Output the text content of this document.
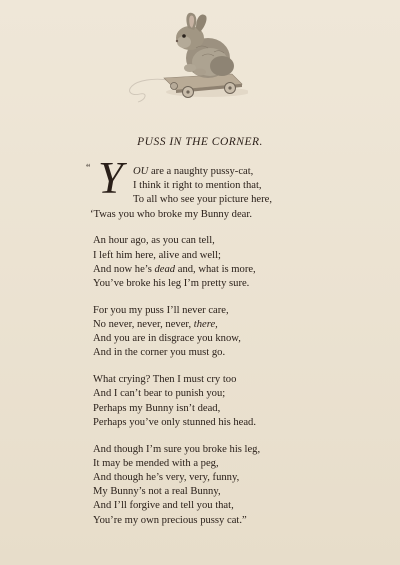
PUSS IN THE CORNER.
“ Y OU are a naughty pussy-cat,
I think it right to mention that,
To all who see your picture here,
‘Twas you who broke my Bunny dear.
An hour ago, as you can tell,
I left him here, alive and well;
And now he’s dead and, what is more,
You’ve broke his leg I’m pretty sure.
For you my puss I’ll never care,
No never, never, never, there,
And you are in disgrace you know,
And in the corner you must go.
What crying? Then I must cry too
And I can’t bear to punish you;
Perhaps my Bunny isn’t dead,
Perhaps you’ve only stunned his head.
And though I’m sure you broke his leg,
It may be mended with a peg,
And though he’s very, very, funny,
My Bunny’s not a real Bunny,
And I’ll forgive and tell you that,
You’re my own precious pussy cat.”
